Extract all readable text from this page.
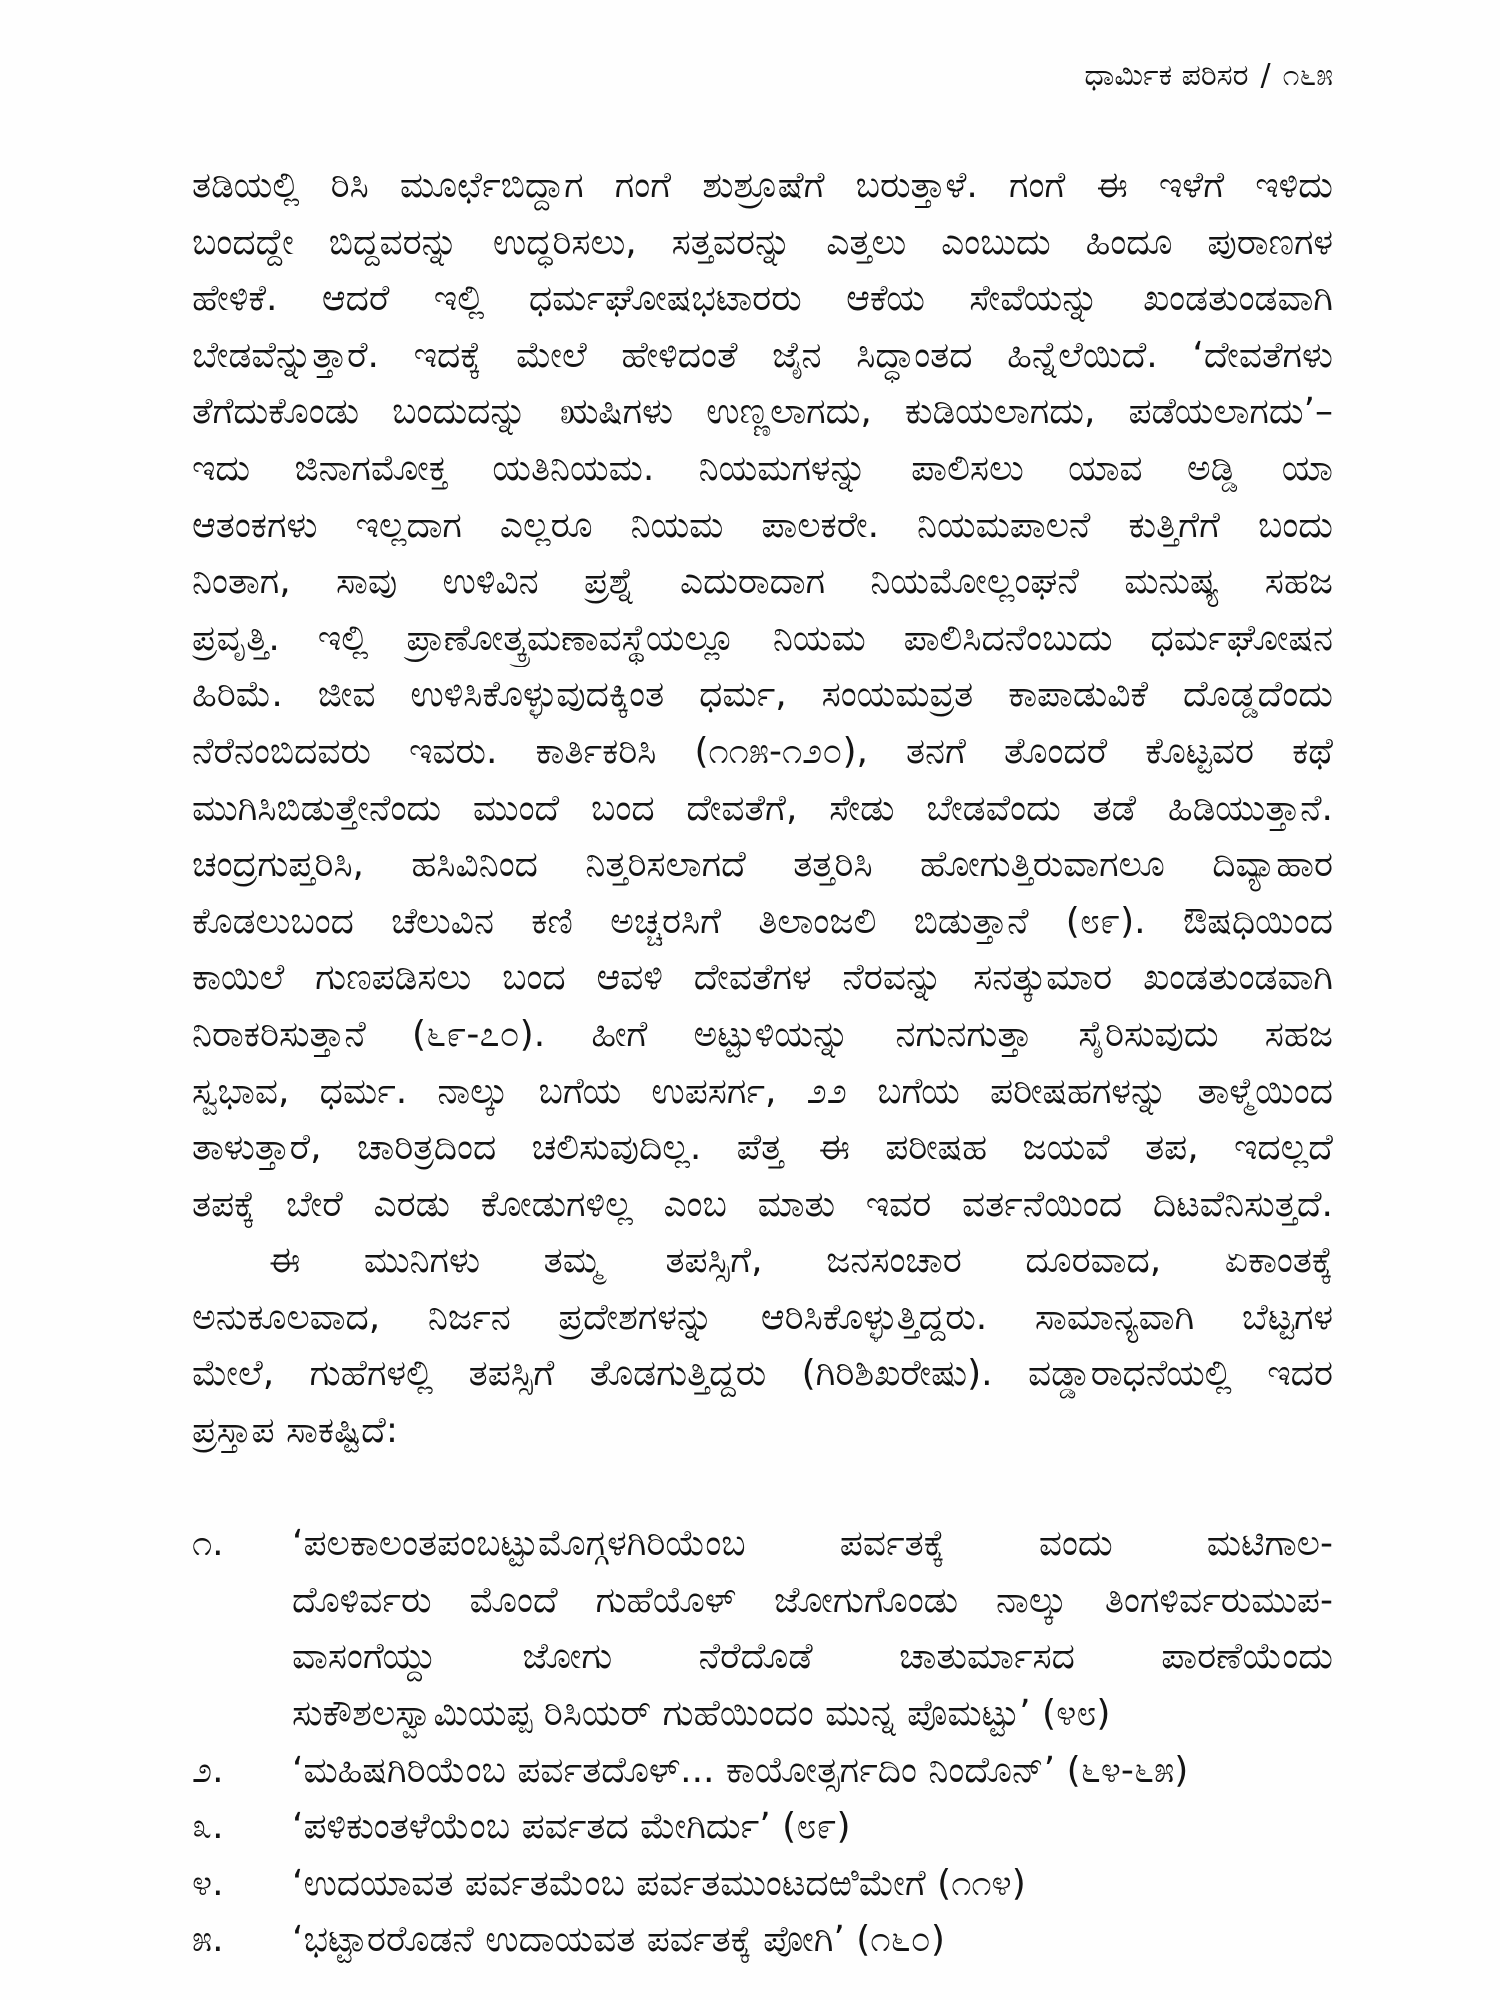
ಧಾರ್ಮಿಕ ಪರಿಸರ / ೧೬೫
ತಡಿಯಲ್ಲಿ ರಿಸಿ ಮೂರ್ಛೆಬಿದ್ದಾಗ ಗಂಗೆ ಶುಶ್ರೂಷೆಗೆ ಬರುತ್ತಾಳೆ. ಗಂಗೆ ಈ ಇಳೆಗೆ ಇಳಿದು
ಬಂದದ್ದೇ ಬಿದ್ದವರನ್ನು ಉದ್ಧರಿಸಲು, ಸತ್ತವರನ್ನು ಎತ್ತಲು ಎಂಬುದು ಹಿಂದೂ ಪುರಾಣಗಳ
ಹೇಳಿಕೆ. ಆದರೆ ಇಲ್ಲಿ ಧರ್ಮಘೋಷಭಟಾರರು ಆಕೆಯ ಸೇವೆಯನ್ನು ಖಂಡತುಂಡವಾಗಿ
ಬೇಡವೆನ್ನುತ್ತಾರೆ. ಇದಕ್ಕೆ ಮೇಲೆ ಹೇಳಿದಂತೆ ಜೈನ ಸಿದ್ಧಾಂತದ ಹಿನ್ನೆಲೆಯಿದೆ. ‘ದೇವತೆಗಳು
ತೆಗೆದುಕೊಂಡು ಬಂದುದನ್ನು ಋಷಿಗಳು ಉಣ್ಣಲಾಗದು, ಕುಡಿಯಲಾಗದು, ಪಡೆಯಲಾಗದು’–
ಇದು ಜಿನಾಗಮೋಕ್ತ ಯತಿನಿಯಮ. ನಿಯಮಗಳನ್ನು ಪಾಲಿಸಲು ಯಾವ ಅಡ್ಡಿ ಯಾ
ಆತಂಕಗಳು ಇಲ್ಲದಾಗ ಎಲ್ಲರೂ ನಿಯಮ ಪಾಲಕರೇ. ನಿಯಮಪಾಲನೆ ಕುತ್ತಿಗೆಗೆ ಬಂದು
ನಿಂತಾಗ, ಸಾವು ಉಳಿವಿನ ಪ್ರಶ್ನೆ ಎದುರಾದಾಗ ನಿಯಮೋಲ್ಲಂಘನೆ ಮನುಷ್ಯ ಸಹಜ
ಪ್ರವೃತ್ತಿ. ಇಲ್ಲಿ ಪ್ರಾಣೋತ್ಕ್ರಮಣಾವಸ್ಥೆಯಲ್ಲೂ ನಿಯಮ ಪಾಲಿಸಿದನೆಂಬುದು ಧರ್ಮಘೋಷನ
ಹಿರಿಮೆ. ಜೀವ ಉಳಿಸಿಕೊಳ್ಳುವುದಕ್ಕಿಂತ ಧರ್ಮ, ಸಂಯಮವ್ರತ ಕಾಪಾಡುವಿಕೆ ದೊಡ್ಡದೆಂದು
ನೆರೆನಂಬಿದವರು ಇವರು. ಕಾರ್ತಿಕರಿಸಿ (೧೧೫-೧೨೦), ತನಗೆ ತೊಂದರೆ ಕೊಟ್ಟವರ ಕಥೆ
ಮುಗಿಸಿಬಿಡುತ್ತೇನೆಂದು ಮುಂದೆ ಬಂದ ದೇವತೆಗೆ, ಸೇಡು ಬೇಡವೆಂದು ತಡೆ ಹಿಡಿಯುತ್ತಾನೆ.
ಚಂದ್ರಗುಪ್ತರಿಸಿ, ಹಸಿವಿನಿಂದ ನಿತ್ತರಿಸಲಾಗದೆ ತತ್ತರಿಸಿ ಹೋಗುತ್ತಿರುವಾಗಲೂ ದಿವ್ಯಾಹಾರ
ಕೊಡಲುಬಂದ ಚೆಲುವಿನ ಕಣಿ ಅಚ್ಚರಸಿಗೆ ತಿಲಾಂಜಲಿ ಬಿಡುತ್ತಾನೆ (೮೯). ಔಷಧಿಯಿಂದ
ಕಾಯಿಲೆ ಗುಣಪಡಿಸಲು ಬಂದ ಆವಳಿ ದೇವತೆಗಳ ನೆರವನ್ನು ಸನತ್ಕುಮಾರ ಖಂಡತುಂಡವಾಗಿ
ನಿರಾಕರಿಸುತ್ತಾನೆ (೬೯-೭೦). ಹೀಗೆ ಅಟ್ಟುಳಿಯನ್ನು ನಗುನಗುತ್ತಾ ಸೈರಿಸುವುದು ಸಹಜ
ಸ್ವಭಾವ, ಧರ್ಮ. ನಾಲ್ಕು ಬಗೆಯ ಉಪಸರ್ಗ, ೨೨ ಬಗೆಯ ಪರೀಷಹಗಳನ್ನು ತಾಳ್ಮೆಯಿಂದ
ತಾಳುತ್ತಾರೆ, ಚಾರಿತ್ರದಿಂದ ಚಲಿಸುವುದಿಲ್ಲ. ಪೆತ್ತ ಈ ಪರೀಷಹ ಜಯವೆ ತಪ, ಇದಲ್ಲದೆ
ತಪಕ್ಕೆ ಬೇರೆ ಎರಡು ಕೋಡುಗಳಿಲ್ಲ ಎಂಬ ಮಾತು ಇವರ ವರ್ತನೆಯಿಂದ ದಿಟವೆನಿಸುತ್ತದೆ.
ಈ ಮುನಿಗಳು ತಮ್ಮ ತಪಸ್ಸಿಗೆ, ಜನಸಂಚಾರ ದೂರವಾದ, ಏಕಾಂತಕ್ಕೆ
ಅನುಕೂಲವಾದ, ನಿರ್ಜನ ಪ್ರದೇಶಗಳನ್ನು ಆರಿಸಿಕೊಳ್ಳುತ್ತಿದ್ದರು. ಸಾಮಾನ್ಯವಾಗಿ ಬೆಟ್ಟಗಳ
ಮೇಲೆ, ಗುಹೆಗಳಲ್ಲಿ ತಪಸ್ಸಿಗೆ ತೊಡಗುತ್ತಿದ್ದರು (ಗಿರಿಶಿಖರೇಷು). ವಡ್ಡಾರಾಧನೆಯಲ್ಲಿ ಇದರ
ಪ್ರಸ್ತಾಪ ಸಾಕಷ್ಟಿದೆ:
೧.	‘ಪಲಕಾಲಂತಪಂಬಟ್ಟುಮೊಗ್ಗಳಗಿರಿಯೆಂಬ ಪರ್ವತಕ್ಕೆ ವಂದು ಮಟಿಗಾಲ-
ದೊಳಿರ್ವರು ಮೊಂದೆ ಗುಹೆಯೊಳ್ ಜೋಗುಗೊಂಡು ನಾಲ್ಕು ತಿಂಗಳಿರ್ವರುಮುಪ-
ವಾಸಂಗೆಯ್ದು ಜೋಗು ನೆರೆದೊಡೆ ಚಾತುರ್ಮಾಸದ ಪಾರಣೆಯೆಂದು
ಸುಕೌಶಲಸ್ವಾಮಿಯಪ್ಪ ರಿಸಿಯರ್ ಗುಹೆಯಿಂದಂ ಮುನ್ನ ಪೊಮಟ್ಟು’ (೪೮)
೨.	‘ಮಹಿಷಗಿರಿಯೆಂಬ ಪರ್ವತದೊಳ್... ಕಾಯೋತ್ಸರ್ಗದಿಂ ನಿಂದೊನ್’ (೬೪-೬೫)
೩.	‘ಪಳಿಕುಂತಳೆಯೆಂಬ ಪರ್ವತದ ಮೇಗಿರ್ದು’ (೮೯)
೪.	‘ಉದಯಾವತ ಪರ್ವತಮೆಂಬ ಪರ್ವತಮುಂಟದಱಿಮೇಗೆ (೧೧೪)
೫.	‘ಭಟ್ಟಾರರೊಡನೆ ಉದಾಯವತ ಪರ್ವತಕ್ಕೆ ಪೋಗಿ’ (೧೬೦)
